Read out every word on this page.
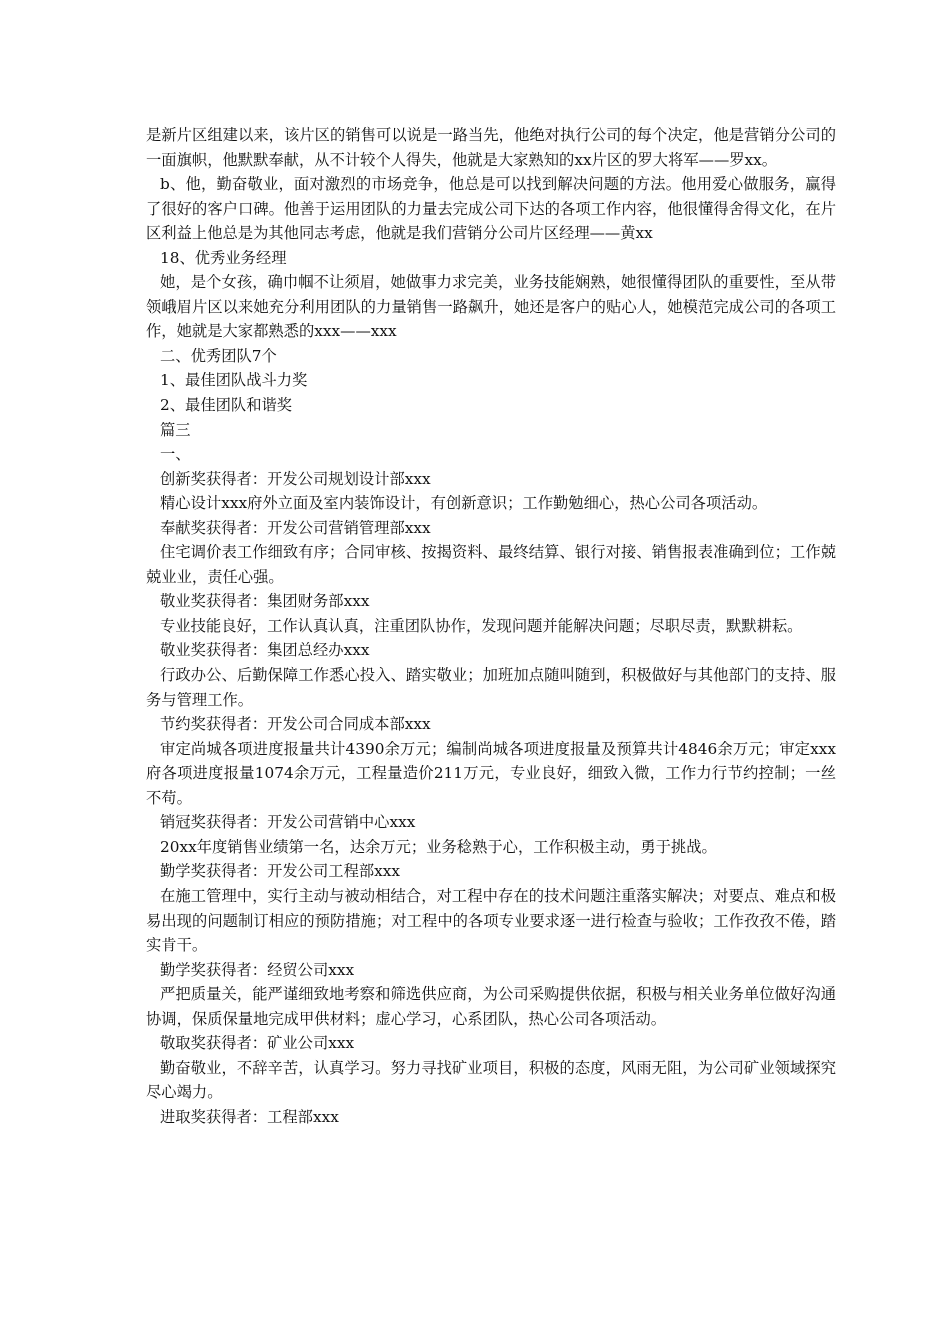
是新片区组建以来，该片区的销售可以说是一路当先，他绝对执行公司的每个决定，他是营销分公司的一面旗帜，他默默奉献，从不计较个人得失，他就是大家熟知的xx片区的罗大将军——罗xx。

b、他，勤奋敬业，面对激烈的市场竞争，他总是可以找到解决问题的方法。他用爱心做服务，赢得了很好的客户口碑。他善于运用团队的力量去完成公司下达的各项工作内容，他很懂得舍得文化，在片区利益上他总是为其他同志考虑，他就是我们营销分公司片区经理——黄xx

18、优秀业务经理

她，是个女孩，确巾帼不让须眉，她做事力求完美，业务技能娴熟，她很懂得团队的重要性，至从带领峨眉片区以来她充分利用团队的力量销售一路飙升，她还是客户的贴心人，她模范完成公司的各项工作，她就是大家都熟悉的xxx——xxx

二、优秀团队7个

1、最佳团队战斗力奖

2、最佳团队和谐奖

篇三

一、

创新奖获得者：开发公司规划设计部xxx

精心设计xxx府外立面及室内装饰设计，有创新意识；工作勤勉细心，热心公司各项活动。

奉献奖获得者：开发公司营销管理部xxx

住宅调价表工作细致有序；合同审核、按揭资料、最终结算、银行对接、销售报表准确到位；工作兢兢业业，责任心强。

敬业奖获得者：集团财务部xxx

专业技能良好，工作认真认真，注重团队协作，发现问题并能解决问题；尽职尽责，默默耕耘。

敬业奖获得者：集团总经办xxx

行政办公、后勤保障工作悉心投入、踏实敬业；加班加点随叫随到，积极做好与其他部门的支持、服务与管理工作。

节约奖获得者：开发公司合同成本部xxx

审定尚城各项进度报量共计4390余万元；编制尚城各项进度报量及预算共计4846余万元；审定xxx府各项进度报量1074余万元，工程量造价211万元，专业良好，细致入微，工作力行节约控制；一丝不苟。

销冠奖获得者：开发公司营销中心xxx

20xx年度销售业绩第一名，达余万元；业务稔熟于心，工作积极主动，勇于挑战。

勤学奖获得者：开发公司工程部xxx

在施工管理中，实行主动与被动相结合，对工程中存在的技术问题注重落实解决；对要点、难点和极易出现的问题制订相应的预防措施；对工程中的各项专业要求逐一进行检查与验收；工作孜孜不倦，踏实肯干。

勤学奖获得者：经贸公司xxx

严把质量关，能严谨细致地考察和筛选供应商，为公司采购提供依据，积极与相关业务单位做好沟通协调，保质保量地完成甲供材料；虚心学习，心系团队，热心公司各项活动。

敬取奖获得者：矿业公司xxx

勤奋敬业，不辞辛苦，认真学习。努力寻找矿业项目，积极的态度，风雨无阻，为公司矿业领域探究尽心竭力。

进取奖获得者：工程部xxx
